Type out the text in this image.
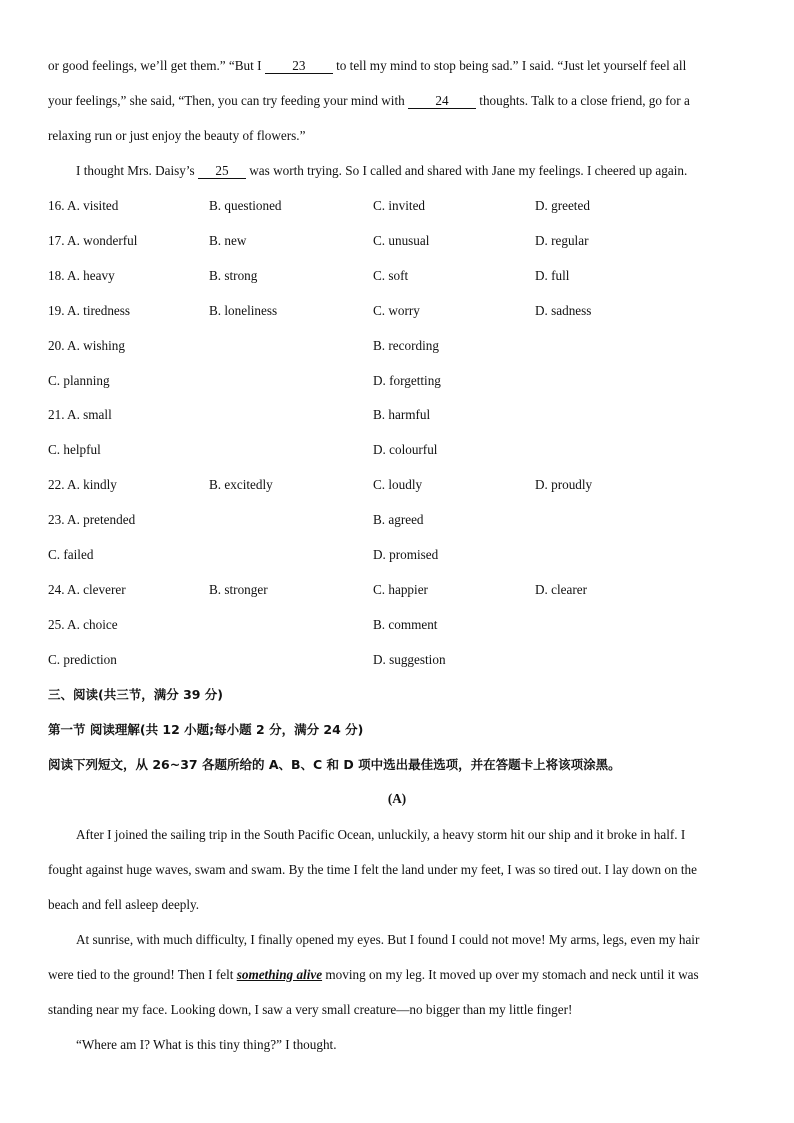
or good feelings, we’ll get them.” “But I 23 to tell my mind to stop being sad.” I said. “Just let yourself feel all
your feelings,” she said, “Then, you can try feeding your mind with 24 thoughts. Talk to a close friend, go for a
relaxing run or just enjoy the beauty of flowers.”
I thought Mrs. Daisy’s 25 was worth trying. So I called and shared with Jane my feelings. I cheered up again.
16. A. visited	B. questioned	C. invited	D. greeted
17. A. wonderful	B. new	C. unusual	D. regular
18. A. heavy	B. strong	C. soft	D. full
19. A. tiredness	B. loneliness	C. worry	D. sadness
20. A. wishing	B. recording
C. planning	D. forgetting
21. A. small	B. harmful
C. helpful	D. colourful
22. A. kindly	B. excitedly	C. loudly	D. proudly
23. A. pretended	B. agreed
C. failed	D. promised
24. A. cleverer	B. stronger	C. happier	D. clearer
25. A. choice	B. comment
C. prediction	D. suggestion
三、阅读(共三节，满分 39 分)
第一节 阅读理解(共 12 小题;每小题 2 分，满分 24 分)
阅读下列短文，从 26~37 各题所给的 A、B、C 和 D 项中选出最佳选项，并在答题卡上将该项涂黑。
(A)
After I joined the sailing trip in the South Pacific Ocean, unluckily, a heavy storm hit our ship and it broke in half. I
fought against huge waves, swam and swam. By the time I felt the land under my feet, I was so tired out. I lay down on the
beach and fell asleep deeply.
At sunrise, with much difficulty, I finally opened my eyes. But I found I could not move! My arms, legs, even my hair
were tied to the ground! Then I felt something alive moving on my leg. It moved up over my stomach and neck until it was
standing near my face. Looking down, I saw a very small creature—no bigger than my little finger!
“Where am I? What is this tiny thing?” I thought.
